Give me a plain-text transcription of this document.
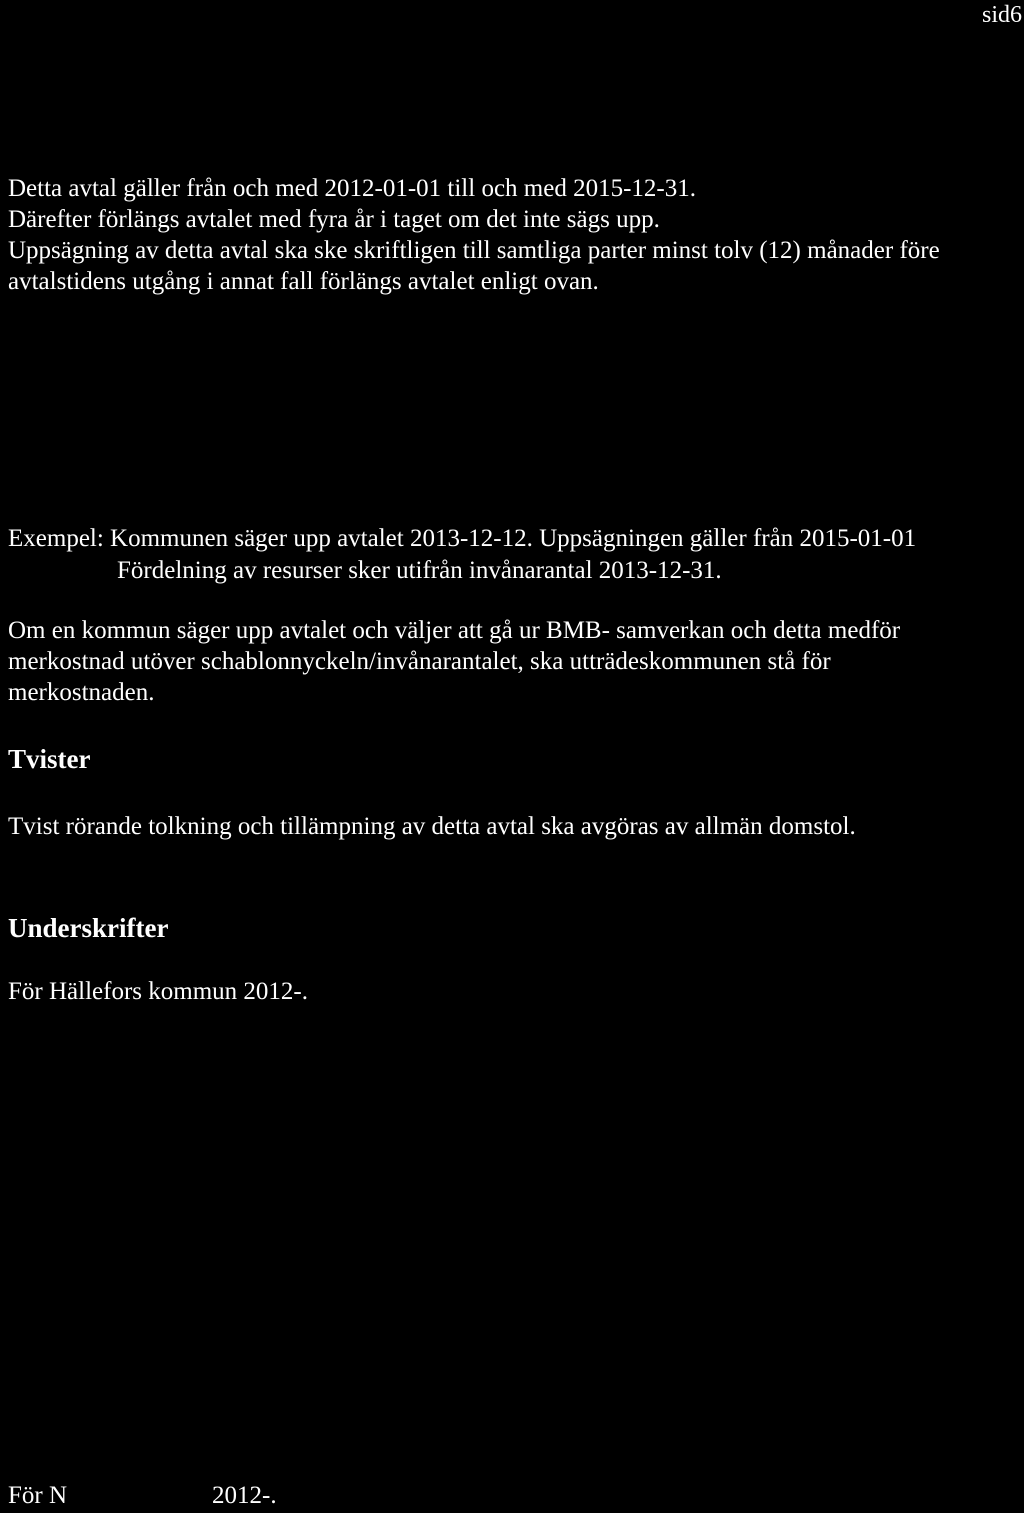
sid6
Detta avtal gäller från och med 2012-01-01 till och med 2015-12-31.
Därefter förlängs avtalet med fyra år i taget om det inte sägs upp.
Uppsägning av detta avtal ska ske skriftligen till samtliga parter minst tolv (12) månader före
avtalstidens utgång i annat fall förlängs avtalet enligt ovan.
Exempel: Kommunen säger upp avtalet 2013-12-12. Uppsägningen gäller från 2015-01-01
Fördelning av resurser sker utifrån invånarantal 2013-12-31.
Om en kommun säger upp avtalet och väljer att gå ur BMB- samverkan och detta medför
merkostnad utöver schablonnyckeln/invånarantalet, ska utträdeskommunen stå för
merkostnaden.
Tvister
Tvist rörande tolkning och tillämpning av detta avtal ska avgöras av allmän domstol.
Underskrifter
För Hällefors kommun 2012-.
För N	2012-.
